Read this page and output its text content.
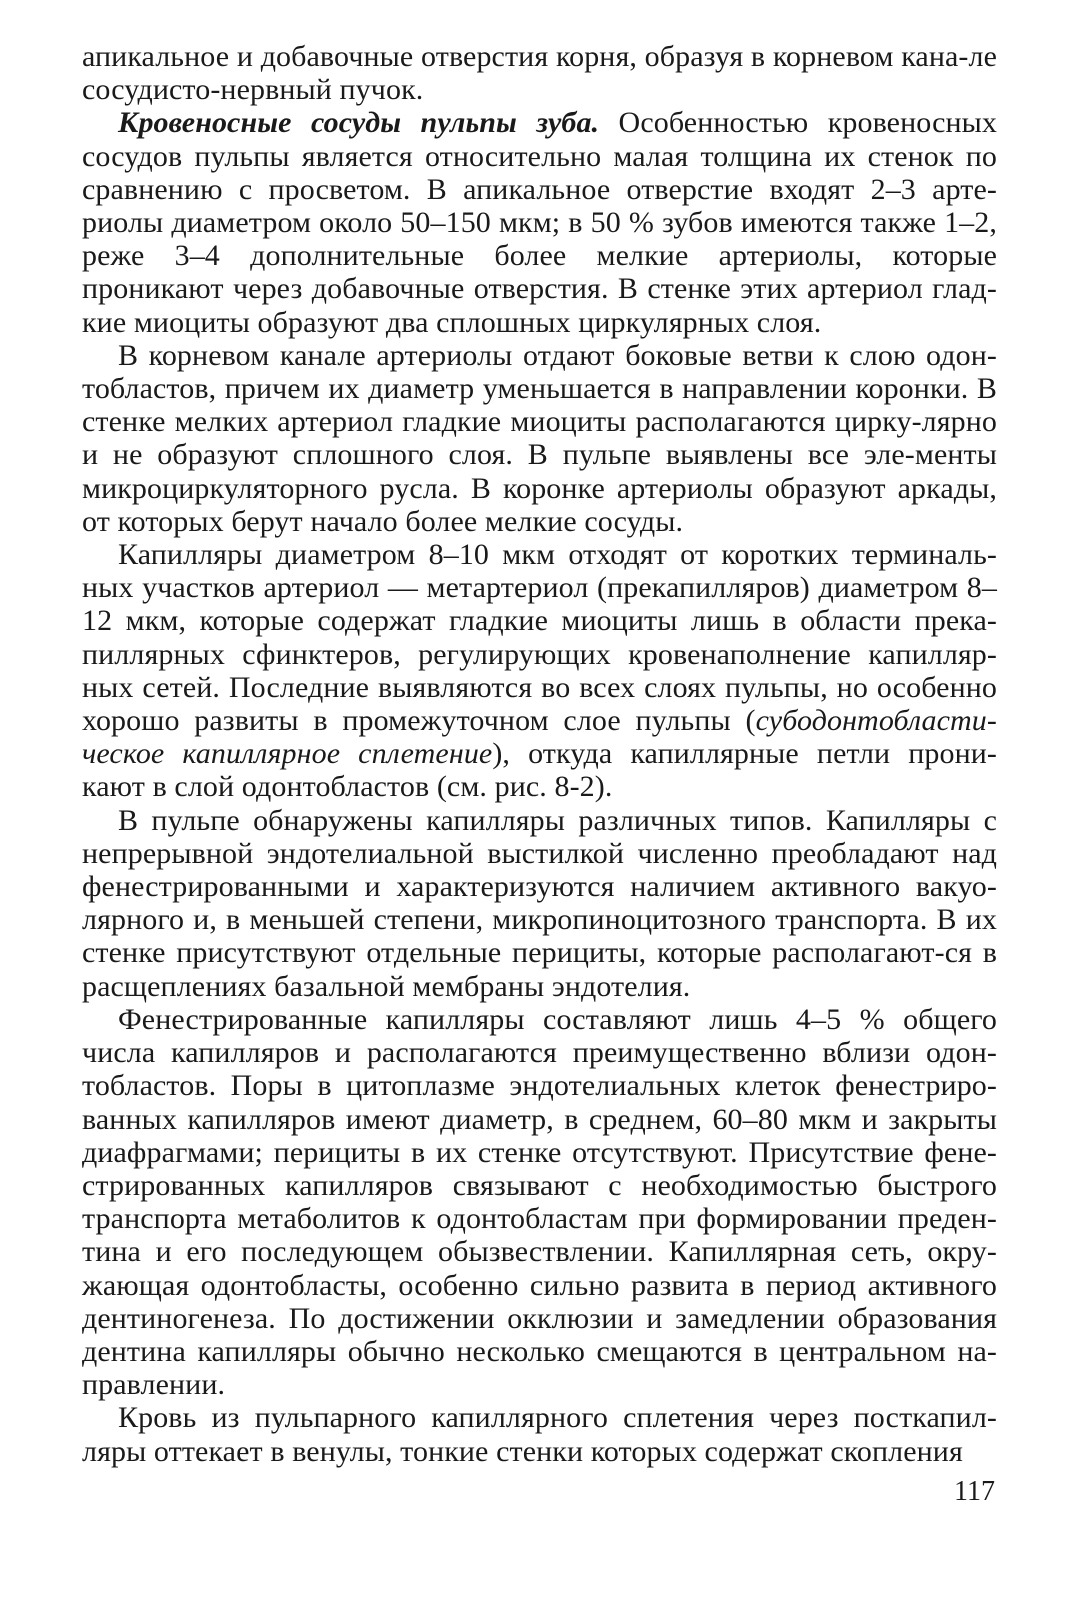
апикальное и добавочные отверстия корня, образуя в корневом кана-ле сосудисто-нервный пучок.

Кровеносные сосуды пульпы зуба. Особенностью кровеносных сосудов пульпы является относительно малая толщина их стенок по сравнению с просветом. В апикальное отверстие входят 2–3 арте-риолы диаметром около 50–150 мкм; в 50 % зубов имеются также 1–2, реже 3–4 дополнительные более мелкие артериолы, которые проникают через добавочные отверстия. В стенке этих артериол глад-кие миоциты образуют два сплошных циркулярных слоя.

В корневом канале артериолы отдают боковые ветви к слою одон-тобластов, причем их диаметр уменьшается в направлении коронки. В стенке мелких артериол гладкие миоциты располагаются цирку-лярно и не образуют сплошного слоя. В пульпе выявлены все эле-менты микроциркуляторного русла. В коронке артериолы образуют аркады, от которых берут начало более мелкие сосуды.

Капилляры диаметром 8–10 мкм отходят от коротких терминаль-ных участков артериол — метартериол (прекапилляров) диаметром 8–12 мкм, которые содержат гладкие миоциты лишь в области прека-пиллярных сфинктеров, регулирующих кровенаполнение капилляр-ных сетей. Последние выявляются во всех слоях пульпы, но особенно хорошо развиты в промежуточном слое пульпы (субодонтобласти-ческое капиллярное сплетение), откуда капиллярные петли прони-кают в слой одонтобластов (см. рис. 8-2).

В пульпе обнаружены капилляры различных типов. Капилляры с непрерывной эндотелиальной выстилкой численно преобладают над фенестрированными и характеризуются наличием активного вакуо-лярного и, в меньшей степени, микропиноцитозного транспорта. В их стенке присутствуют отдельные перициты, которые располагают-ся в расщеплениях базальной мембраны эндотелия.

Фенестрированные капилляры составляют лишь 4–5 % общего числа капилляров и располагаются преимущественно вблизи одон-тобластов. Поры в цитоплазме эндотелиальных клеток фенестриро-ванных капилляров имеют диаметр, в среднем, 60–80 мкм и закрыты диафрагмами; перициты в их стенке отсутствуют. Присутствие фене-стрированных капилляров связывают с необходимостью быстрого транспорта метаболитов к одонтобластам при формировании преден-тина и его последующем обызвествлении. Капиллярная сеть, окру-жающая одонтобласты, особенно сильно развита в период активного дентиногенеза. По достижении окклюзии и замедлении образования дентина капилляры обычно несколько смещаются в центральном на-правлении.

Кровь из пульпарного капиллярного сплетения через посткапил-ляры оттекает в венулы, тонкие стенки которых содержат скопления

117
